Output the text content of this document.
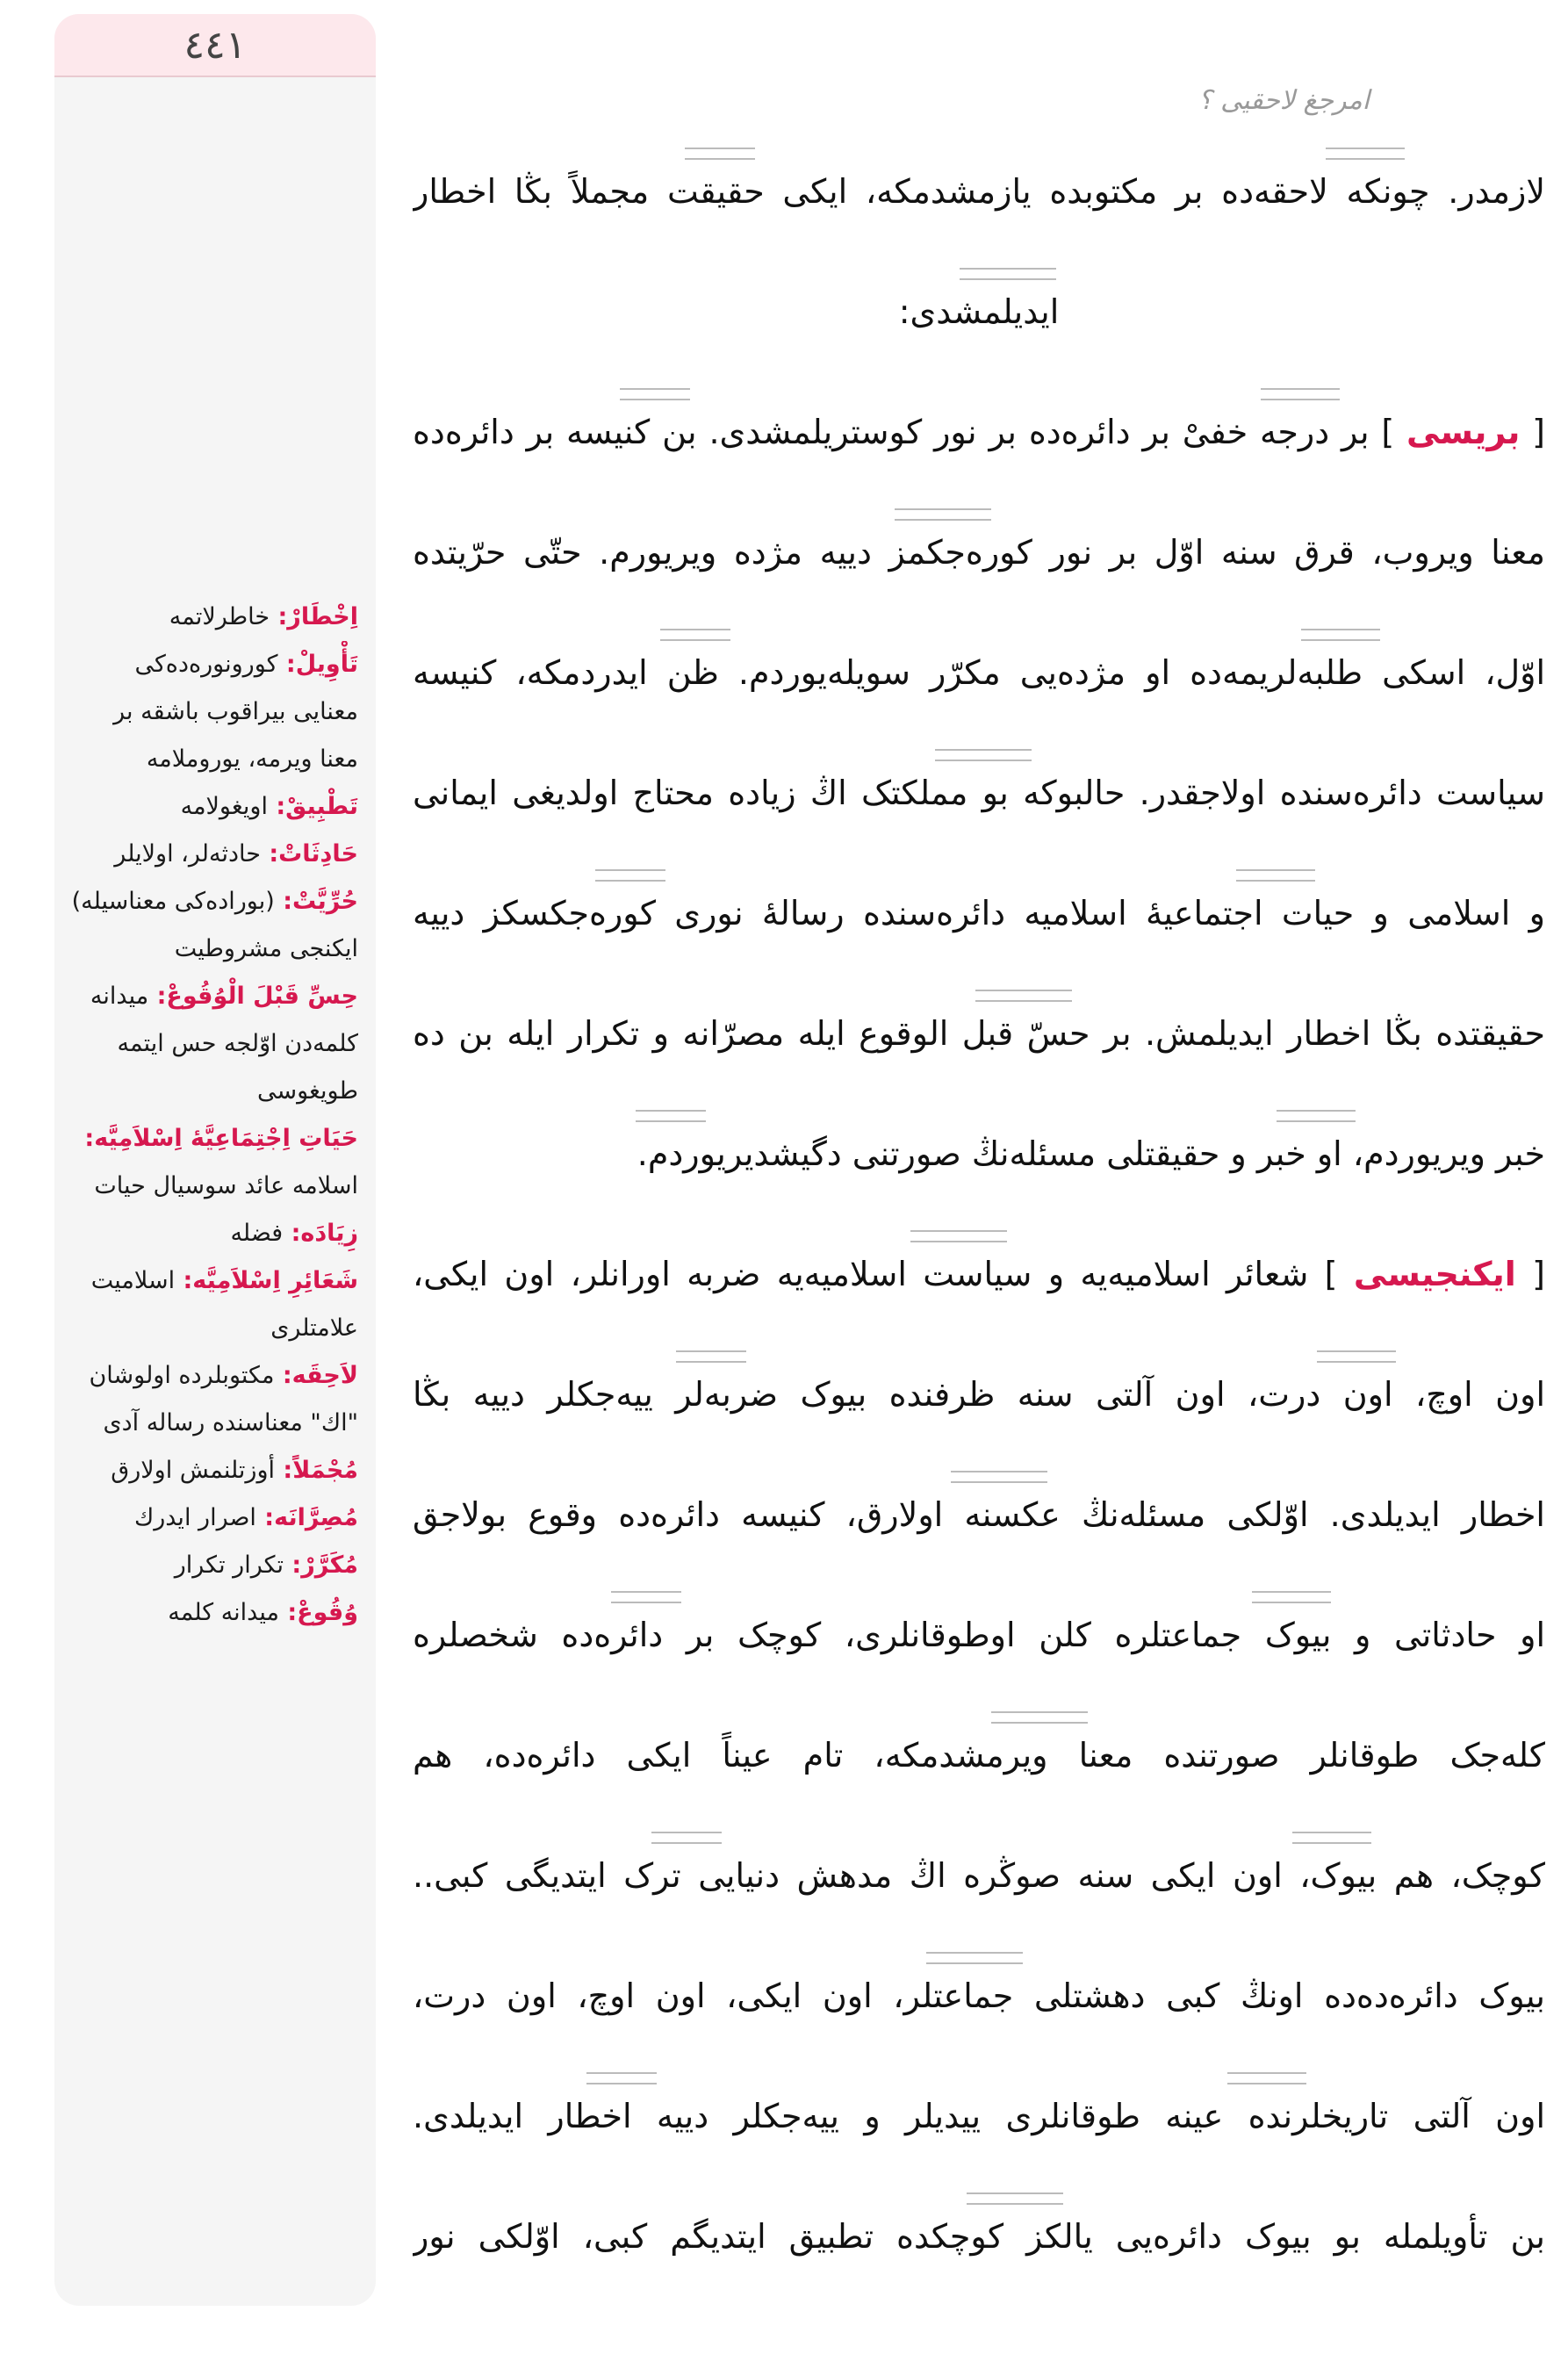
٤٤١
اِخْطَارْ: خاطرلاتمه
تَأْوِيلْ: کورونوره‌ده‌کی
معنایی بیراقوب باشقه بر
معنا ویرمه، یوروملامه
تَطْبِيقْ: اویغولامه
حَادِثَاتْ: حادثه‌لر، اولایلر
حُرِّيَّتْ: (بوراده‌کی معناسیله)
ایکنجی مشروطیت
حِسِّ قَبْلَ الْوُقُوعْ: میدانه
کلمه‌دن اوّلجه حس ایتمه
طویغوسی
حَيَاتِ اِجْتِمَاعِيَّهٔ اِسْلاَمِيَّه:
اسلامه عائد سوسیال حیات
زِيَادَه: فضله
شَعَائِرِ اِسْلاَمِيَّه: اسلامیت
علامتلری
لاَحِقَه: مکتوبلرده اولوشان
"اك" معناسنده رساله آدی
مُجْمَلاً: أوزتلنمش اولارق
مُصِرَّانَه: اصرار ایدرك
مُكَرَّرْ: تکرار تکرار
وُقُوعْ: میدانه کلمه
امرجغ لاحقیی ؟
لازمدر. چونکه لاحقه‌ده بر مکتوبده یازمشدمکه، ایکی حقیقت مجملاً بڭا اخطار
ایدیلمشدی:
[ بریسی ] بر درجه خفیْ بر دائره‌ده بر نور کوستریلمشدی. بن کنیسه بر دائره‌ده
معنا ویروب، قرق سنه اوّل بر نور کوره‌جکمز دییه مژده ویریورم. حتّی حرّیتده
اوّل، اسکی طلبه‌لریمه‌ده او مژده‌یی مکرّر سویله‌یوردم. ظن ایدردمکه، کنیسه
سیاست دائره‌سنده اولاجقدر. حالبوکه بو مملکتک اڭ زیاده محتاج اولدیغی ایمانی
و اسلامی و حیات اجتماعیهٔ اسلامیه دائره‌سنده رساله‌ٔ نوری کوره‌جکسکز دییه
حقیقتده بڭا اخطار ایدیلمش. بر حسّ قبل الوقوع ایله مصرّانه و تکرار ایله بن ده
خبر ویریوردم، او خبر و حقیقتلی مسئله‌نڭ صورتنی دگیشدیریوردم.
[ ایکنجیسی ] شعائر اسلامیه‌یه و سیاست اسلامیه‌یه ضربه اورانلر، اون ایکی،
اون اوچ، اون درت، اون آلتی سنه ظرفنده بیوک ضربه‌لر ییه‌جکلر دییه بڭا
اخطار ایدیلدی. اوّلکی مسئله‌نڭ عکسنه اولارق، کنیسه دائره‌ده وقوع بولاجق
او حادثاتی و بیوک جماعتلره کلن اوطوقانلری، کوچک بر دائره‌ده شخصلره
کله‌جک طوقانلر صورتنده معنا ویرمشدمکه، تام عیناً ایکی دائره‌ده، هم
کوچک، هم بیوک، اون ایکی سنه صوڭره اڭ مدهش دنیایی ترک ایتدیگی کبی..
بیوک دائره‌ده‌ده اونڭ کبی دهشتلی جماعتلر، اون ایکی، اون اوچ، اون درت،
اون آلتی تاریخلرنده عینه طوقانلری ییدیلر و ییه‌جکلر دییه اخطار ایدیلدی.
بن تأویلمله بو بیوک دائره‌یی یالکز کوچکده تطبیق ایتدیگم کبی، اوّلکی نور
